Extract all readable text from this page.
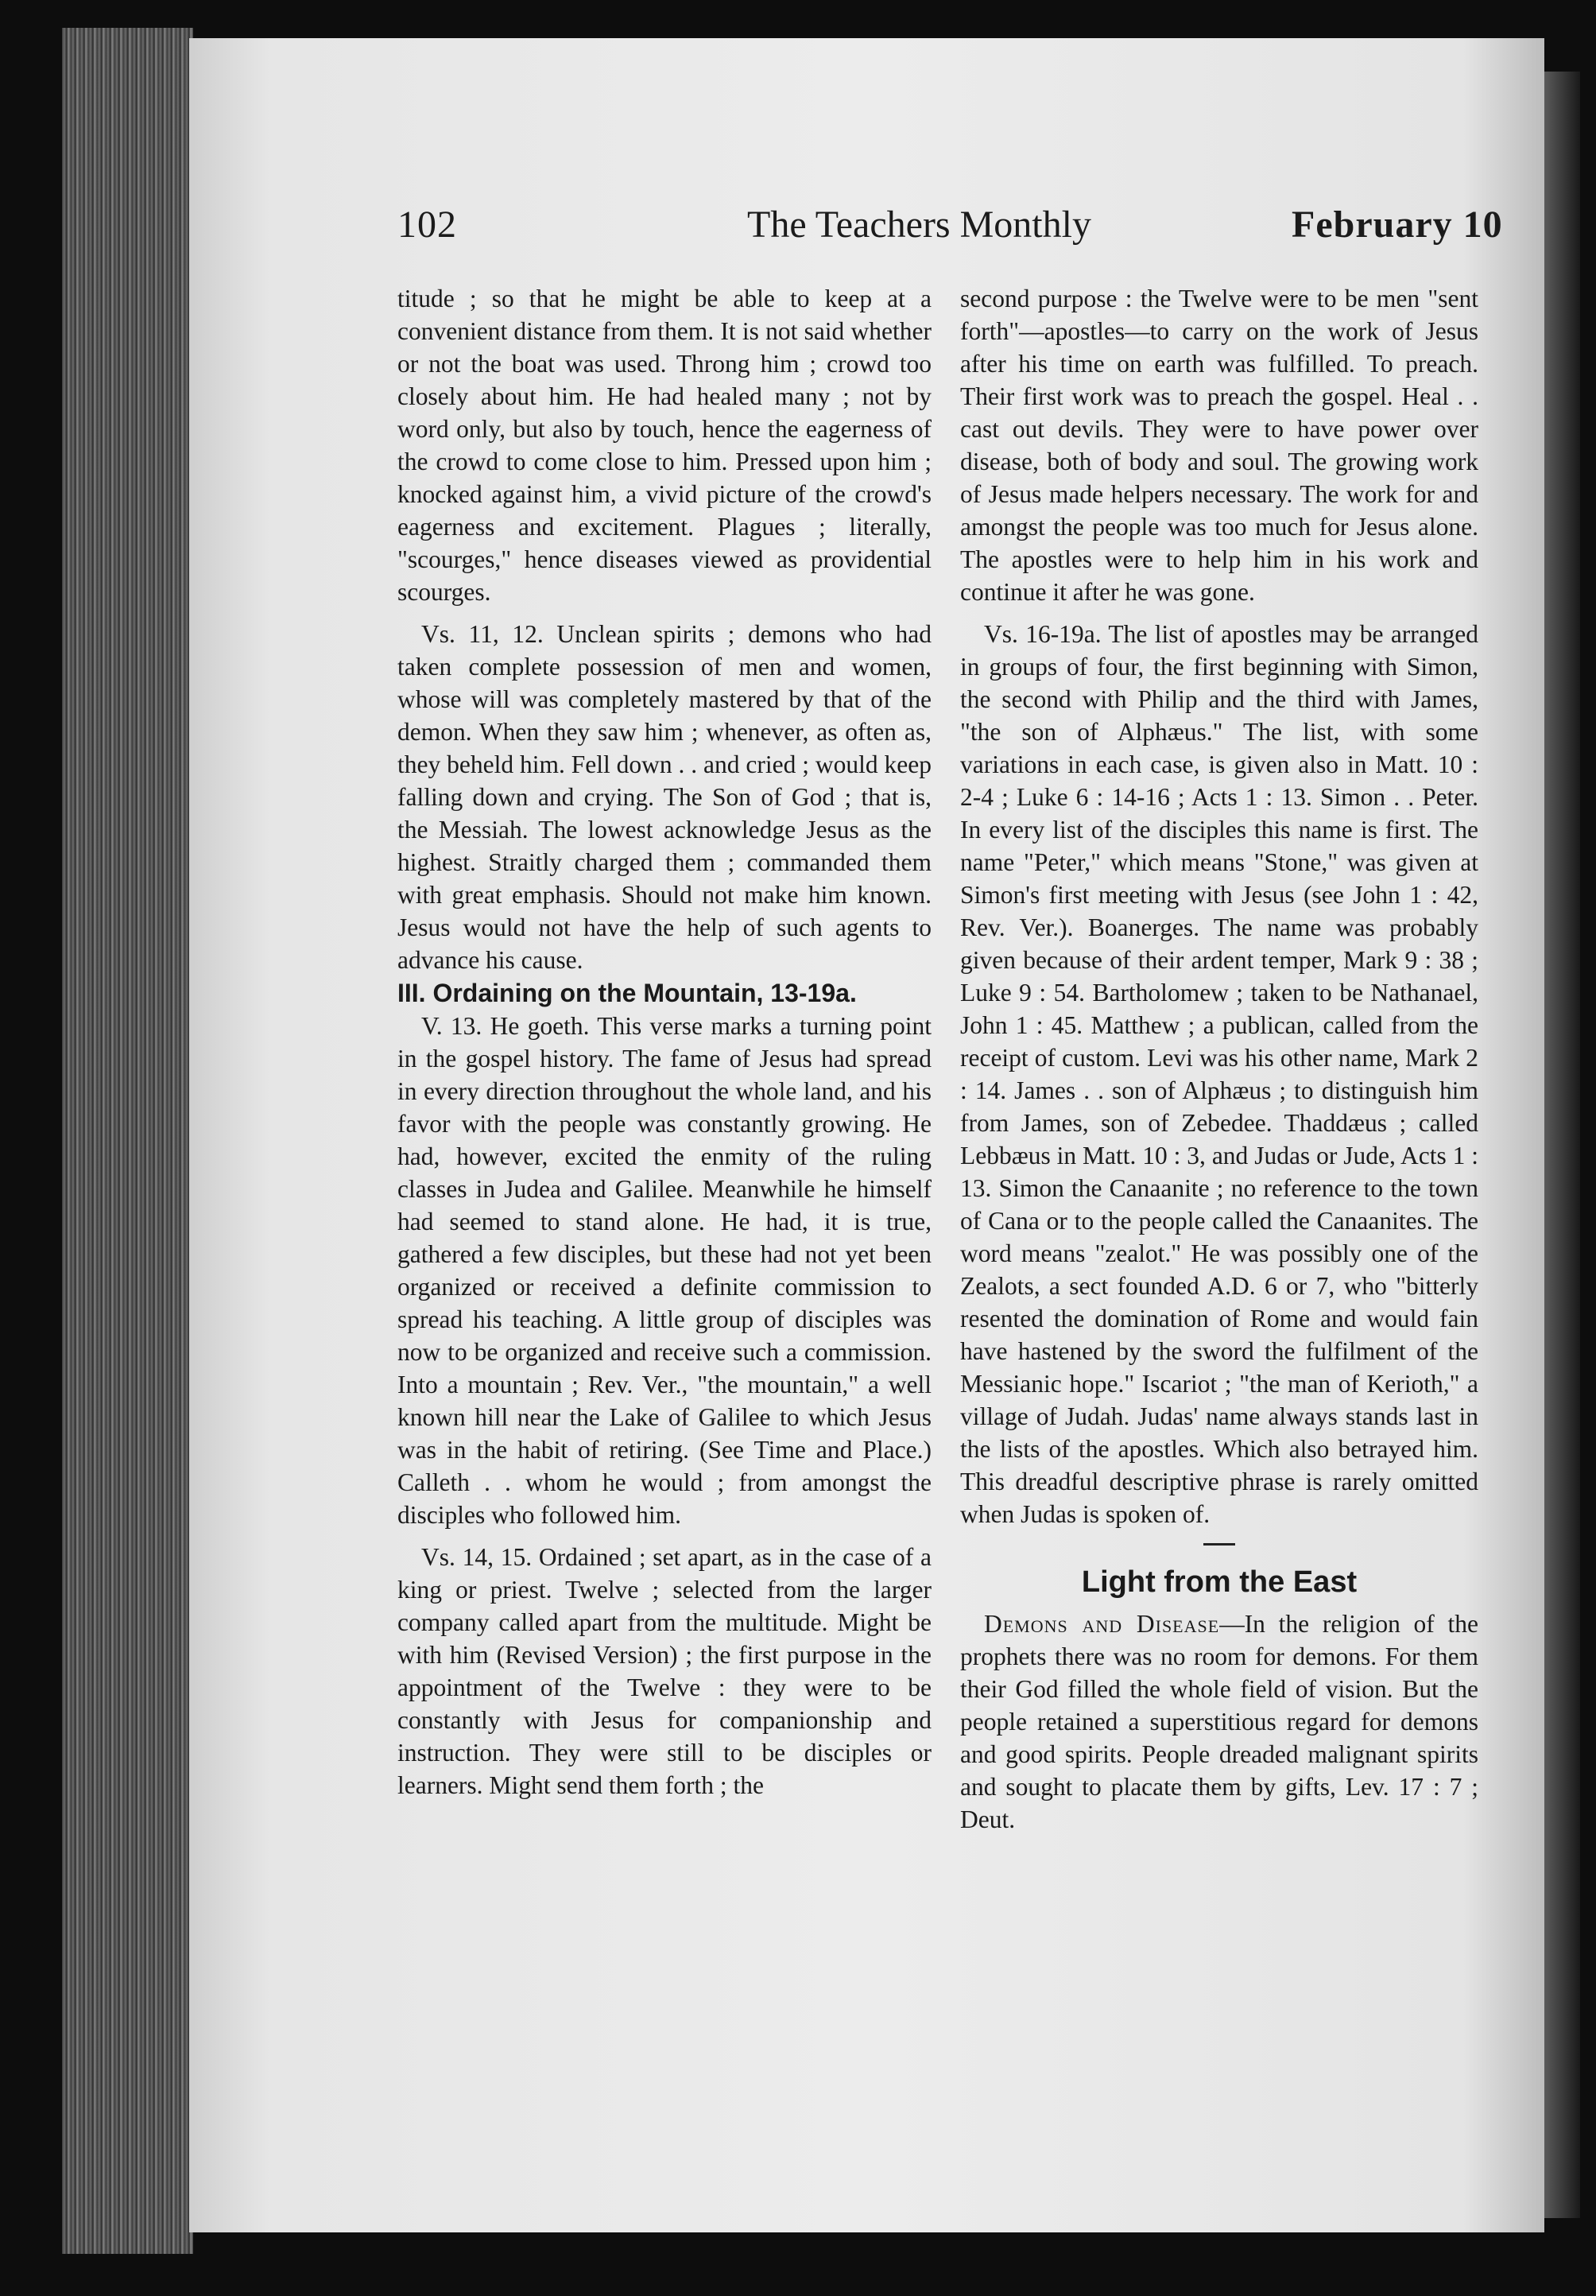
102	The Teachers Monthly	February 10

titude ; so that he might be able to keep at a convenient distance from them. It is not said whether or not the boat was used. Throng him ; crowd too closely about him. He had healed many ; not by word only, but also by touch, hence the eagerness of the crowd to come close to him. Pressed upon him ; knocked against him, a vivid picture of the crowd's eagerness and excitement. Plagues ; literally, "scourges," hence diseases viewed as providential scourges.

Vs. 11, 12. Unclean spirits ; demons who had taken complete possession of men and women, whose will was completely mastered by that of the demon. When they saw him ; whenever, as often as, they beheld him. Fell down . . and cried ; would keep falling down and crying. The Son of God ; that is, the Messiah. The lowest acknowledge Jesus as the highest. Straitly charged them ; commanded them with great emphasis. Should not make him known. Jesus would not have the help of such agents to advance his cause.

III. Ordaining on the Mountain, 13-19a.

V. 13. He goeth. This verse marks a turning point in the gospel history. The fame of Jesus had spread in every direction throughout the whole land, and his favor with the people was constantly growing. He had, however, excited the enmity of the ruling classes in Judea and Galilee. Meanwhile he himself had seemed to stand alone. He had, it is true, gathered a few disciples, but these had not yet been organized or received a definite commission to spread his teaching. A little group of disciples was now to be organized and receive such a commission. Into a mountain ; Rev. Ver., "the mountain," a well known hill near the Lake of Galilee to which Jesus was in the habit of retiring. (See Time and Place.) Calleth . . whom he would ; from amongst the disciples who followed him.

Vs. 14, 15. Ordained ; set apart, as in the case of a king or priest. Twelve ; selected from the larger company called apart from the multitude. Might be with him (Revised Version) ; the first purpose in the appointment of the Twelve : they were to be constantly with Jesus for companionship and instruction. They were still to be disciples or learners. Might send them forth ; the

second purpose : the Twelve were to be men "sent forth"—apostles—to carry on the work of Jesus after his time on earth was fulfilled. To preach. Their first work was to preach the gospel. Heal . . cast out devils. They were to have power over disease, both of body and soul. The growing work of Jesus made helpers necessary. The work for and amongst the people was too much for Jesus alone. The apostles were to help him in his work and continue it after he was gone.

Vs. 16-19a. The list of apostles may be arranged in groups of four, the first beginning with Simon, the second with Philip and the third with James, "the son of Alphæus." The list, with some variations in each case, is given also in Matt. 10 : 2-4 ; Luke 6 : 14-16 ; Acts 1 : 13. Simon . . Peter. In every list of the disciples this name is first. The name "Peter," which means "Stone," was given at Simon's first meeting with Jesus (see John 1 : 42, Rev. Ver.). Boanerges. The name was probably given because of their ardent temper, Mark 9 : 38 ; Luke 9 : 54. Bartholomew ; taken to be Nathanael, John 1 : 45. Matthew ; a publican, called from the receipt of custom. Levi was his other name, Mark 2 : 14. James . . son of Alphæus ; to distinguish him from James, son of Zebedee. Thaddæus ; called Lebbæus in Matt. 10 : 3, and Judas or Jude, Acts 1 : 13. Simon the Canaanite ; no reference to the town of Cana or to the people called the Canaanites. The word means "zealot." He was possibly one of the Zealots, a sect founded A.D. 6 or 7, who "bitterly resented the domination of Rome and would fain have hastened by the sword the fulfilment of the Messianic hope." Iscariot ; "the man of Kerioth," a village of Judah. Judas' name always stands last in the lists of the apostles. Which also betrayed him. This dreadful descriptive phrase is rarely omitted when Judas is spoken of.

Light from the East

Demons and Disease—In the religion of the prophets there was no room for demons. For them their God filled the whole field of vision. But the people retained a superstitious regard for demons and good spirits. People dreaded malignant spirits and sought to placate them by gifts, Lev. 17 : 7 ; Deut.
